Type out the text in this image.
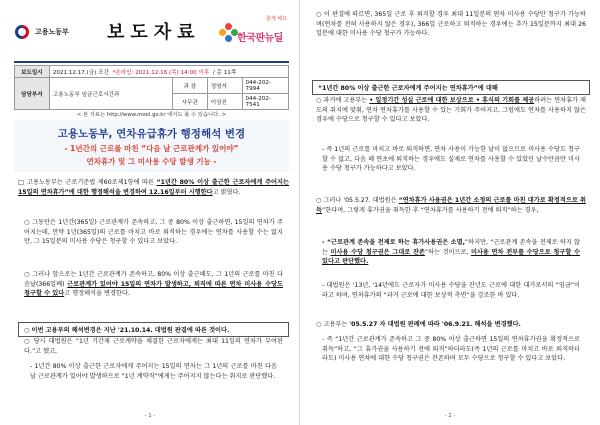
고용노동부 보도자료
함께 해요
한국판뉴딜
보도일시	2021.12.17.(금) 조간 *온라인: 2021.12.16.(목) 14:00 이후 / 총 11쪽			
담당부서	고용노동부 임금근로시간과	과 장	정영석	044-202-7994
		사무관	이상진	044-202-7541
< 본 자료는 http://www.moel.go.kr 에서도 볼 수 있습니다. >
고용노동부, 연차유급휴가 행정해석 변경
- 1년간의 근로를 마친 “다음 날 근로관계가 있어야”
연차휴가 및 그 미사용 수당 발생 기능 -

□ 고용노동부는 근로기준법 제60조제1항에 따른 “1년간 80% 이상 출근한 근로자에게 주어지는 15일의 연차휴가”에 대한 행정해석을 변경하여 12.16일부터 시행한다고 밝혔다.

○ 그동안은 1년간(365일) 근로관계가 존속하고, 그 중 80% 이상 출근하면, 15일의 연차가 주어지는데, 만약 1년(365일)의 근로를 마치고 바로 퇴직하는 경우에는 연차를 사용할 수는 없지만, 그 15일분의 미사용 수당은 청구할 수 있다고 보았다.

○ 그러나 앞으로는 1년간 근로관계가 존속하고, 80% 이상 출근해도, 그 1년의 근로를 마친 다음날(366일째) 근로관계가 있어야 15일의 연차가 발생하고, 퇴직에 따른 연차 미사용 수당도 청구할 수 있다고 행정해석을 변경한다.

○ 이번 고용부의 해석변경은 지난 '21.10.14. 대법원 판결에 따른 것이다.

○ 당시 대법원은 “1년 기간제 근로계약을 체결한 근로자에게는 최대 11일의 연차가 부여된다.”고 했고,

- 1년간 80% 이상 출근한 근로자에게 주어지는 15일의 연차는 그 1년의 근로를 마친 다음날 근로관계가 있어야 발생하므로 “1년 계약직”에게는 주어지지 않는다는 취지로 판단했다.

- 1 -

○ 이 판결에 따르면, 365일 근로 후 퇴직할 경우 최대 11일분의 연차 미사용 수당만 청구가 가능하며(연차를 전혀 사용하지 않은 경우), 366일 근로하고 퇴직하는 경우에는 추가 15일분까지 최대 26일분에 대한 미사용 수당 청구가 가능하다.

“1년간 80% 이상 출근한 근로자에게 주어지는 연차휴가”에 대해

○ 과거에 고용부는 • 일정기간 성실 근로에 대한 보상으로 • 휴식의 기회를 제공하려는 연차휴가 제도의 취지에 맞춰, 연차 연차휴가를 사용할 수 있는 기회가 주어지고, 그럼에도 연차를 사용하지 않은 경우에 수당으로 청구할 수 있다고 보았다.

- 즉 1년의 근로를 마치고 바로 퇴직하면, 연차 사용이 가능한 날이 없으므로 미사용 수당도 청구할 수 없고, 다음 해 연초에 퇴직하는 경우에도 실제로 연차를 사용할 수 있었던 날수만큼만 미사용 수당 청구가 가능하다고 보았다.

○ 그러나 '05.5.27. 대법원은 “연차휴가 사용권은 1년간 소정의 근로를 마친 대가로 확정적으로 취득”한다며, 그렇게 휴가권을 취득한 후 “연차휴가를 사용하기 전에 퇴직”하는 경우,

- “근로관계 존속을 전제로 하는 휴가사용권은 소멸,”하지만, “근로관계 존속을 전제로 하지 않는 미사용 수당 청구권은 그대로 잔존”하는 것이므로, 미사용 연차 전부를 수당으로 청구할 수 있다고 판단했다.

- 대법원은 '13년, '14년에도 근로자가 미사용 수당을 잔년도 근로에 대한 대가로서의 “임금”이라고 하며, 연차휴가의 “과거 근로에 대한 보상적 측면”을 강조한 바 있다.

○ 고용부는 '05.5.27 자 대법원 판례에 따라 '06.9.21. 해석을 변경했다.

- 즉 “1년간 근로관계가 존속하고 그 중 80% 이상 출근하면 15일의 연차휴가권을 확정적으로 취득”하고, “그 휴가권을 사용하기 전에 퇴직”하더라도(즉 1년의 근로를 마치고 바로 퇴직하더라도) 미사용 연차에 대한 수당 청구권은 잔존하며 모두 수당으로 청구할 수 있다고 보았다.

- 2 -
